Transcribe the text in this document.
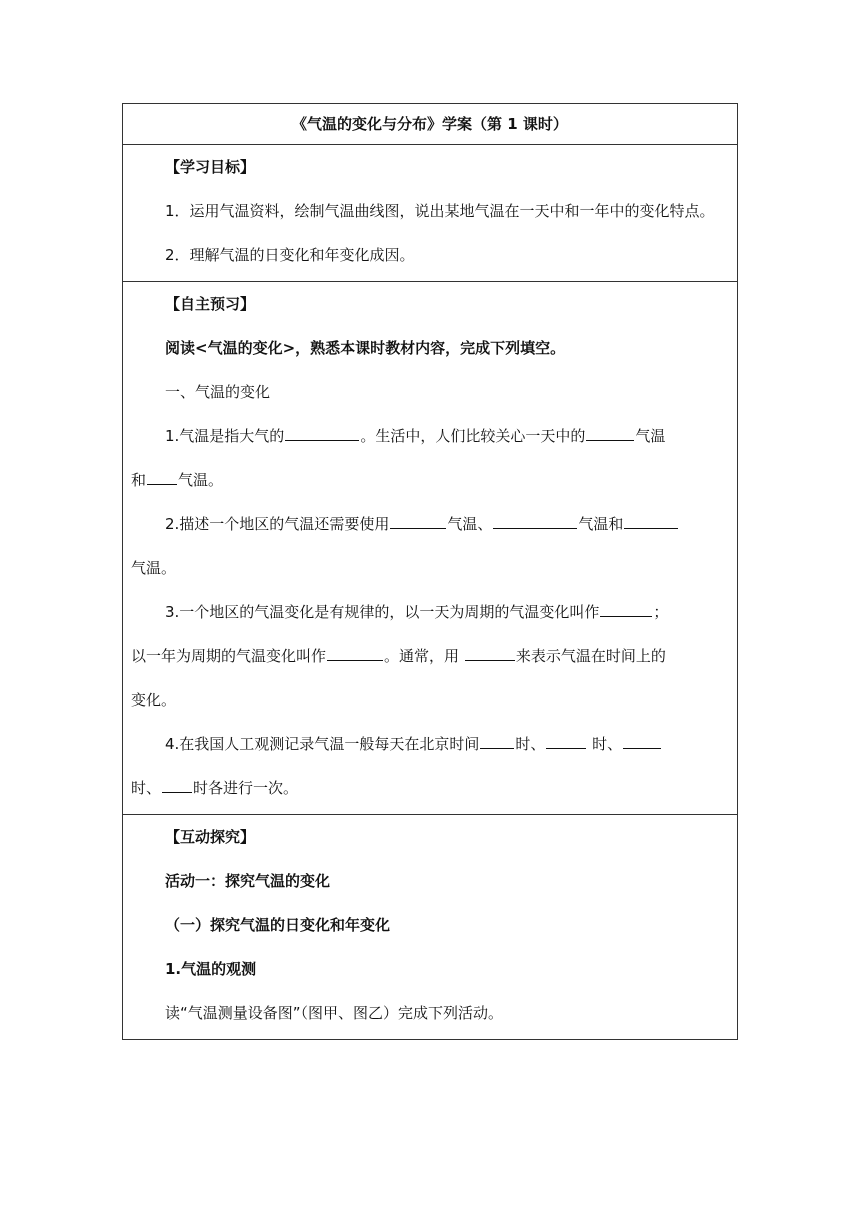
《气温的变化与分布》学案（第 1 课时）

【学习目标】
1．运用气温资料，绘制气温曲线图，说出某地气温在一天中和一年中的变化特点。
2．理解气温的日变化和年变化成因。

【自主预习】
阅读<气温的变化>，熟悉本课时教材内容，完成下列填空。
一、气温的变化
1.气温是指大气的	。生活中，人们比较关心一天中的	气温
和 气温。
2.描述一个地区的气温还需要使用	气温、	气温和
气温。
3.一个地区的气温变化是有规律的，以一天为周期的气温变化叫作	；
以一年为周期的气温变化叫作	。通常，用	来表示气温在时间上的
变化。
4.在我国人工观测记录气温一般每天在北京时间 时、	时、
时、 时各进行一次。

【互动探究】
活动一：探究气温的变化
（一）探究气温的日变化和年变化
1.气温的观测
读“气温测量设备图”（图甲、图乙）完成下列活动。
